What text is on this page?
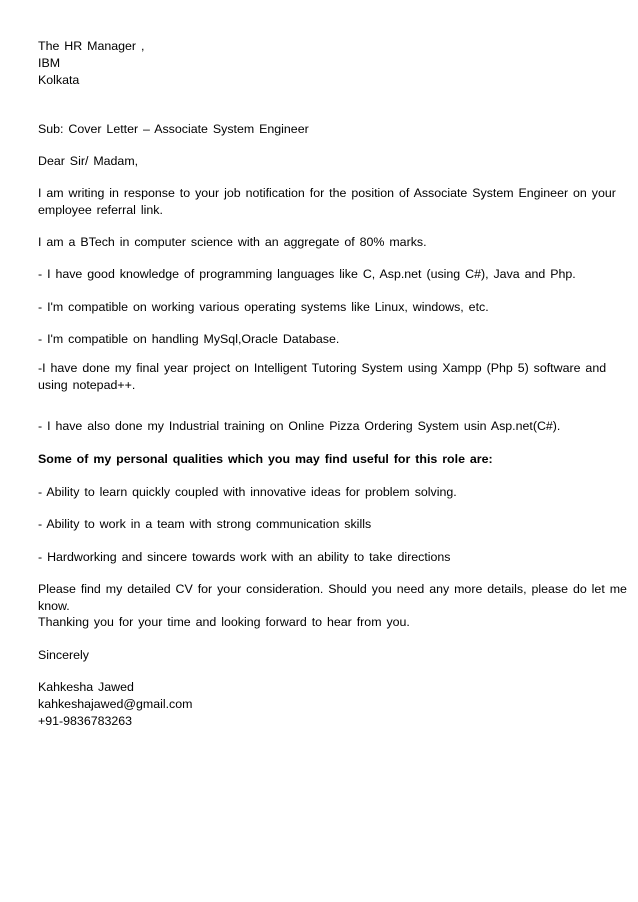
The HR Manager ,
IBM
Kolkata
Sub: Cover Letter – Associate System Engineer
Dear Sir/ Madam,
I am writing in response to your job notification for the position of Associate System Engineer on your
employee referral link.
I am a BTech in computer science with an aggregate of 80% marks.
- I have good knowledge of programming languages like C, Asp.net (using C#), Java and Php.
- I'm compatible on working various operating systems like Linux, windows, etc.
- I'm compatible on handling MySql,Oracle Database.
-I have done my final year project on Intelligent Tutoring System using Xampp (Php 5) software and
using notepad++.
- I have also done my Industrial training on Online Pizza Ordering System usin Asp.net(C#).
Some of my personal qualities which you may find useful for this role are:
- Ability to learn quickly coupled with innovative ideas for problem solving.
- Ability to work in a team with strong communication skills
- Hardworking and sincere towards work with an ability to take directions
Please find my detailed CV for your consideration. Should you need any more details, please do let me
know.
Thanking you for your time and looking forward to hear from you.
Sincerely
Kahkesha Jawed
kahkeshajawed@gmail.com
+91-9836783263
